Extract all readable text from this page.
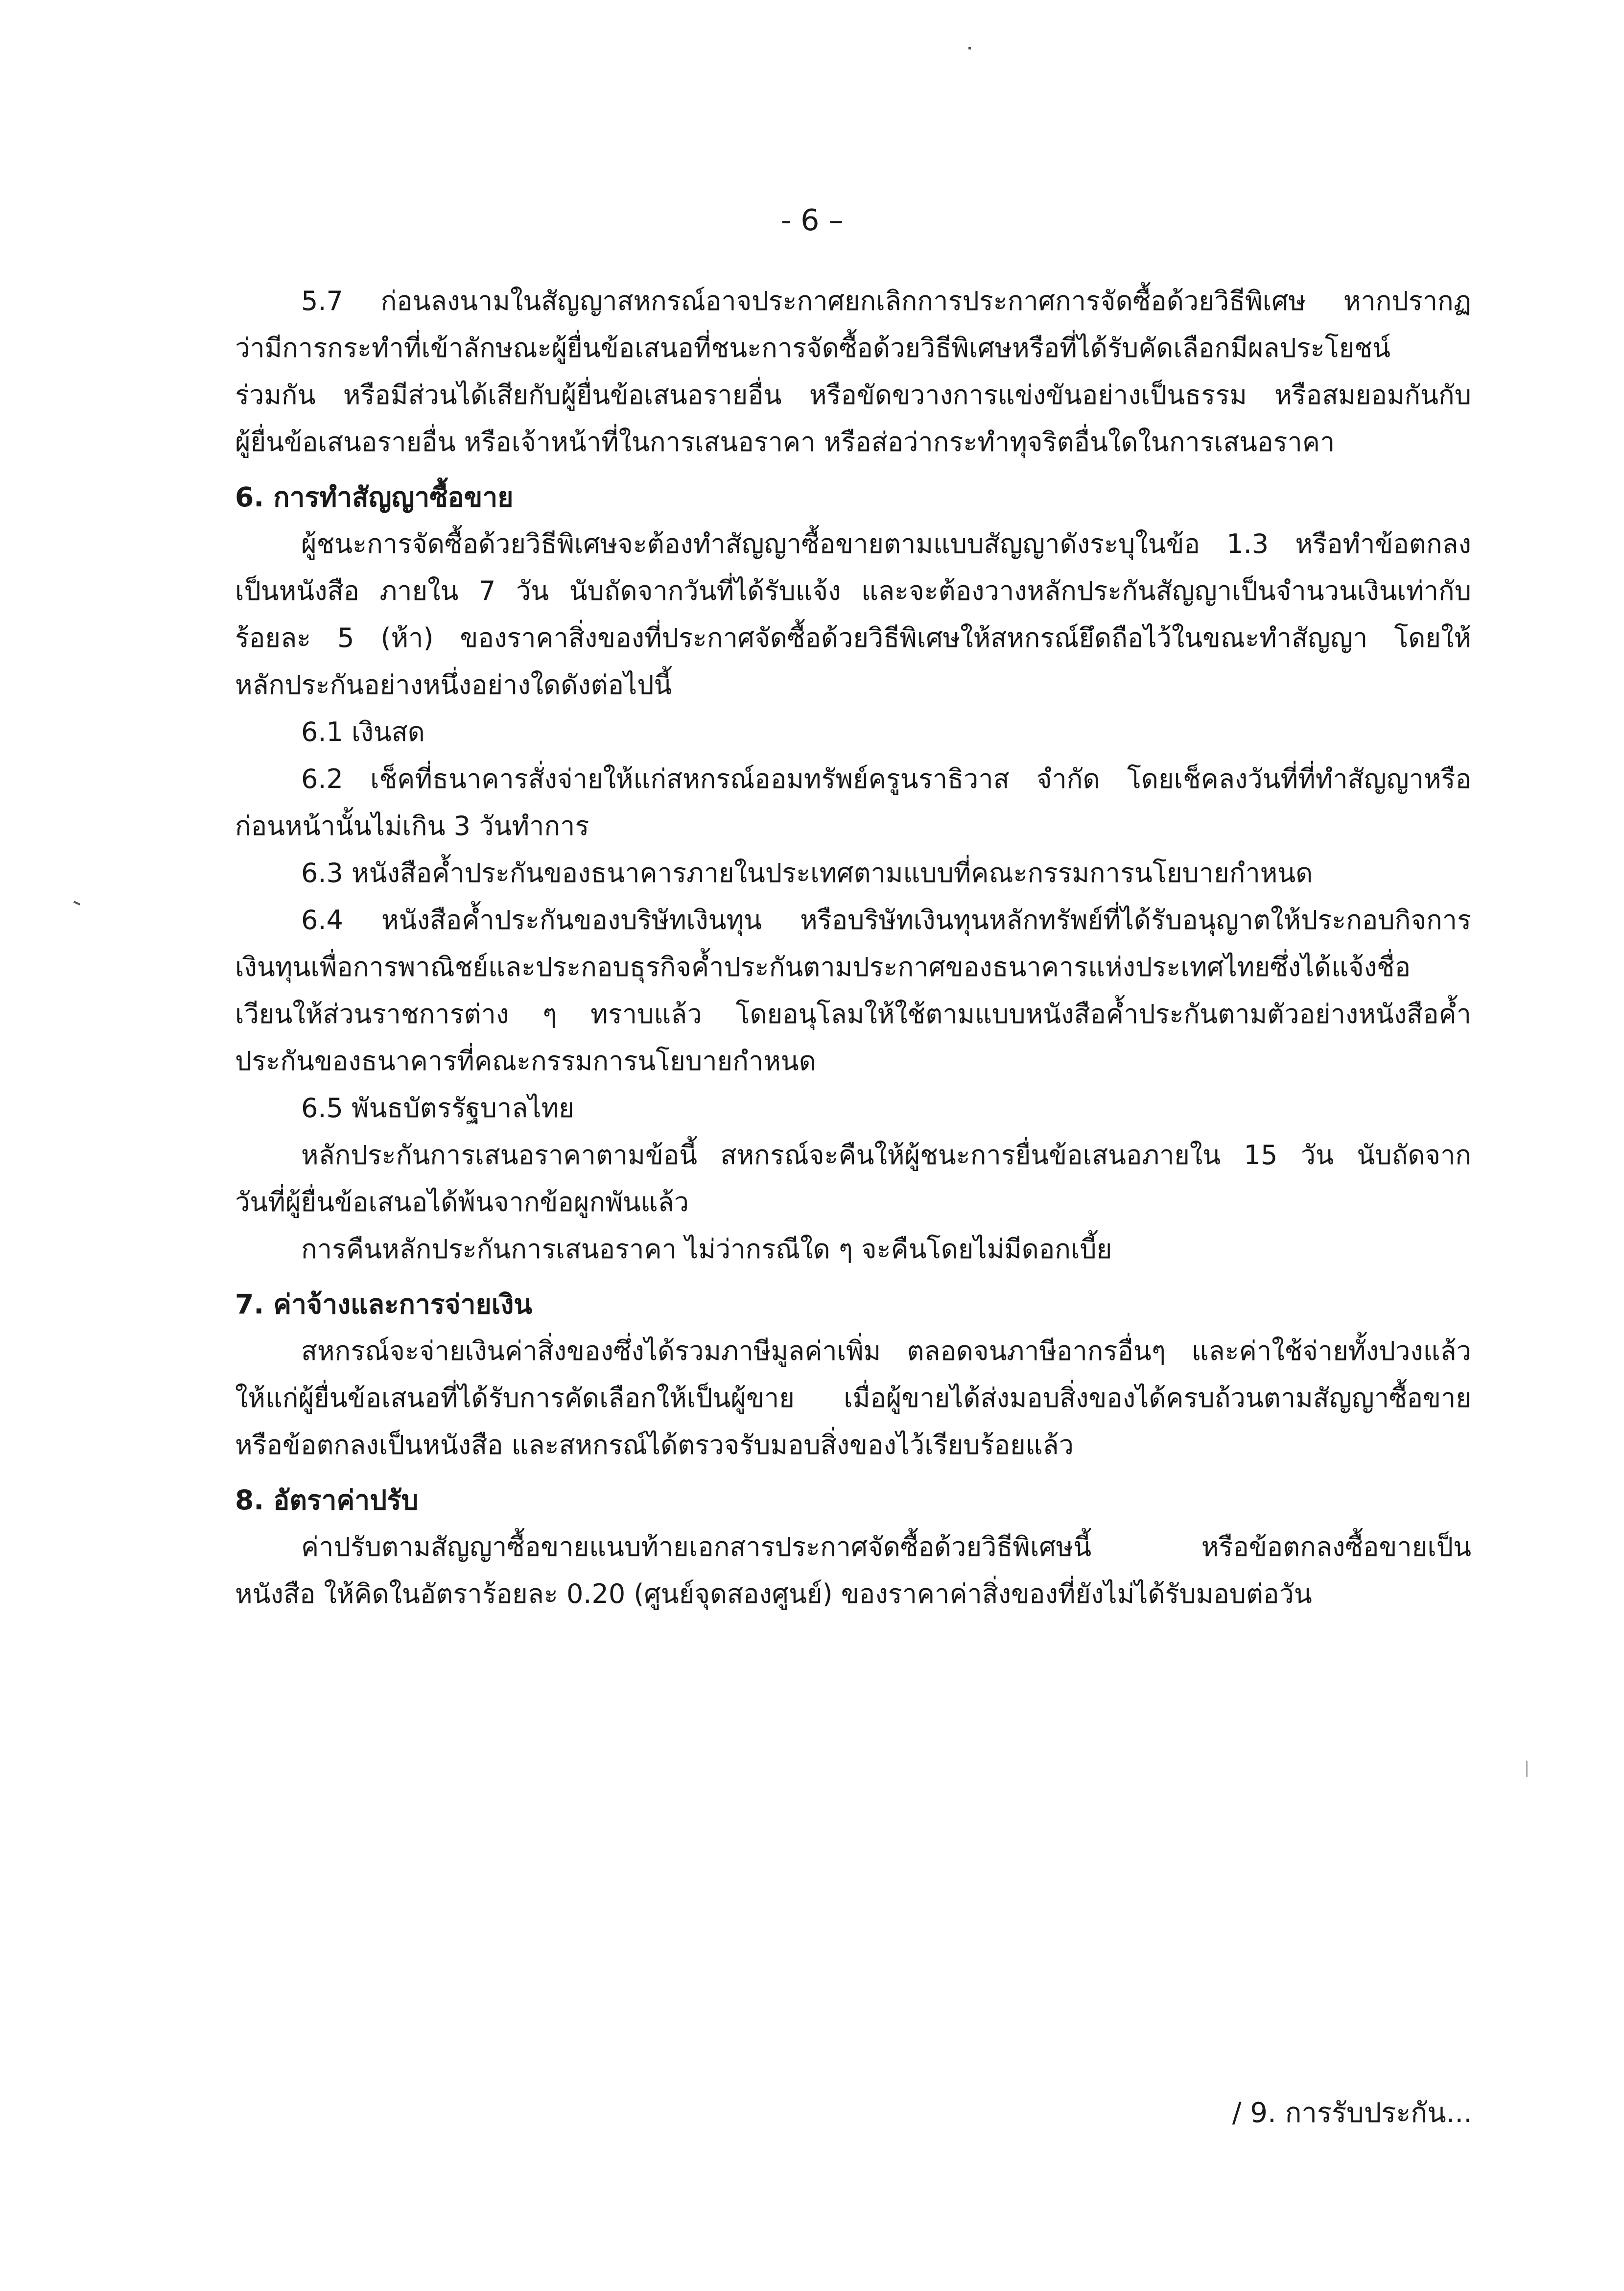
- 6 –
5.7 ก่อนลงนามในสัญญาสหกรณ์อาจประกาศยกเลิกการประกาศการจัดซื้อด้วยวิธีพิเศษ หากปรากฏ
ว่ามีการกระทำที่เข้าลักษณะผู้ยื่นข้อเสนอที่ชนะการจัดซื้อด้วยวิธีพิเศษหรือที่ได้รับคัดเลือกมีผลประโยชน์
ร่วมกัน หรือมีส่วนได้เสียกับผู้ยื่นข้อเสนอรายอื่น หรือขัดขวางการแข่งขันอย่างเป็นธรรม หรือสมยอมกันกับ
ผู้ยื่นข้อเสนอรายอื่น หรือเจ้าหน้าที่ในการเสนอราคา หรือส่อว่ากระทำทุจริตอื่นใดในการเสนอราคา
6. การทำสัญญาซื้อขาย
ผู้ชนะการจัดซื้อด้วยวิธีพิเศษจะต้องทำสัญญาซื้อขายตามแบบสัญญาดังระบุในข้อ 1.3 หรือทำข้อตกลง
เป็นหนังสือ ภายใน 7 วัน นับถัดจากวันที่ได้รับแจ้ง และจะต้องวางหลักประกันสัญญาเป็นจำนวนเงินเท่ากับ
ร้อยละ 5 (ห้า) ของราคาสิ่งของที่ประกาศจัดซื้อด้วยวิธีพิเศษให้สหกรณ์ยึดถือไว้ในขณะทำสัญญา โดยให้
หลักประกันอย่างหนึ่งอย่างใดดังต่อไปนี้
6.1 เงินสด
6.2 เช็คที่ธนาคารสั่งจ่ายให้แก่สหกรณ์ออมทรัพย์ครูนราธิวาส จำกัด โดยเช็คลงวันที่ที่ทำสัญญาหรือ
ก่อนหน้านั้นไม่เกิน 3 วันทำการ
6.3 หนังสือค้ำประกันของธนาคารภายในประเทศตามแบบที่คณะกรรมการนโยบายกำหนด
6.4 หนังสือค้ำประกันของบริษัทเงินทุน หรือบริษัทเงินทุนหลักทรัพย์ที่ได้รับอนุญาตให้ประกอบกิจการ
เงินทุนเพื่อการพาณิชย์และประกอบธุรกิจค้ำประกันตามประกาศของธนาคารแห่งประเทศไทยซึ่งได้แจ้งชื่อ
เวียนให้ส่วนราชการต่าง ๆ ทราบแล้ว โดยอนุโลมให้ใช้ตามแบบหนังสือค้ำประกันตามตัวอย่างหนังสือค้ำ
ประกันของธนาคารที่คณะกรรมการนโยบายกำหนด
6.5 พันธบัตรรัฐบาลไทย
หลักประกันการเสนอราคาตามข้อนี้ สหกรณ์จะคืนให้ผู้ชนะการยื่นข้อเสนอภายใน 15 วัน นับถัดจาก
วันที่ผู้ยื่นข้อเสนอได้พ้นจากข้อผูกพันแล้ว
การคืนหลักประกันการเสนอราคา ไม่ว่ากรณีใด ๆ จะคืนโดยไม่มีดอกเบี้ย
7. ค่าจ้างและการจ่ายเงิน
สหกรณ์จะจ่ายเงินค่าสิ่งของซึ่งได้รวมภาษีมูลค่าเพิ่ม ตลอดจนภาษีอากรอื่นๆ และค่าใช้จ่ายทั้งปวงแล้ว
ให้แก่ผู้ยื่นข้อเสนอที่ได้รับการคัดเลือกให้เป็นผู้ขาย เมื่อผู้ขายได้ส่งมอบสิ่งของได้ครบถ้วนตามสัญญาซื้อขาย
หรือข้อตกลงเป็นหนังสือ และสหกรณ์ได้ตรวจรับมอบสิ่งของไว้เรียบร้อยแล้ว
8. อัตราค่าปรับ
ค่าปรับตามสัญญาซื้อขายแนบท้ายเอกสารประกาศจัดซื้อด้วยวิธีพิเศษนี้ หรือข้อตกลงซื้อขายเป็น
หนังสือ ให้คิดในอัตราร้อยละ 0.20 (ศูนย์จุดสองศูนย์) ของราคาค่าสิ่งของที่ยังไม่ได้รับมอบต่อวัน
/ 9. การรับประกัน...
